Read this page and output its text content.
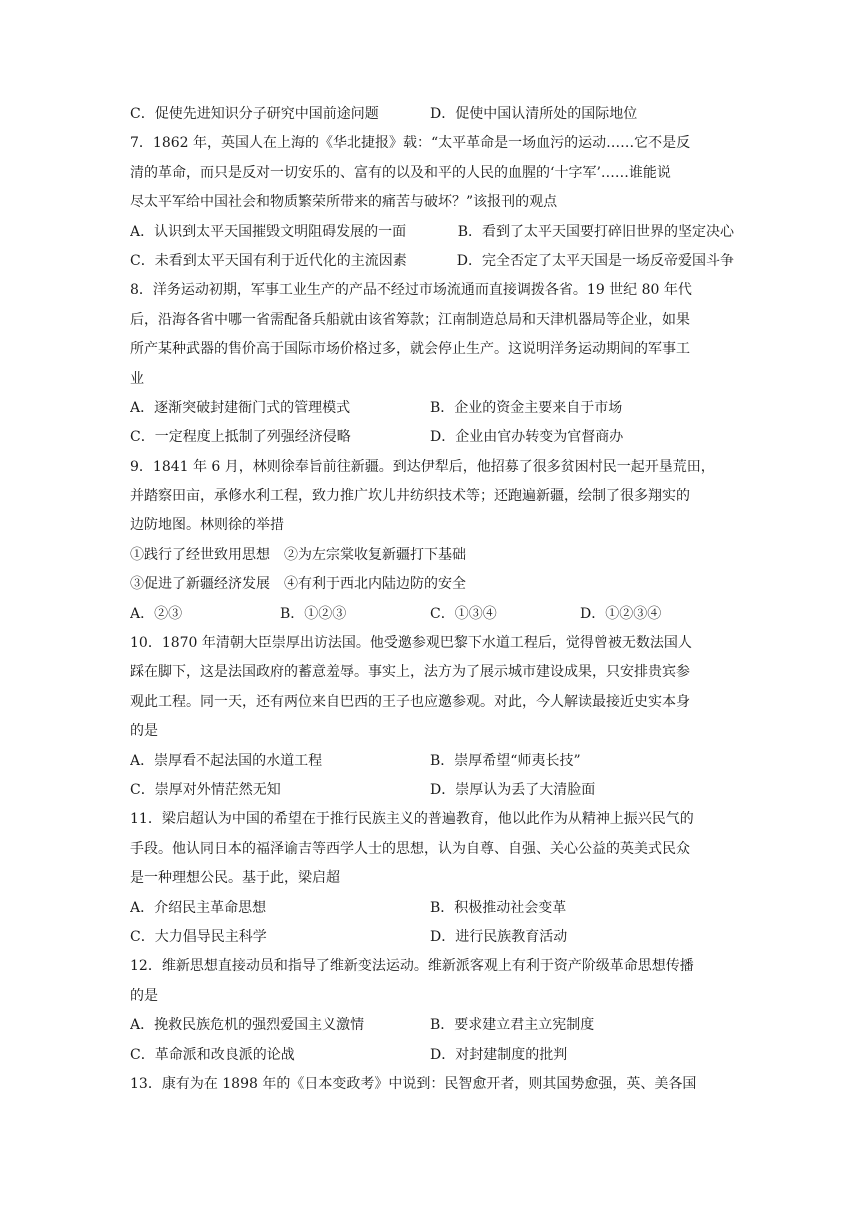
C．促使先进知识分子研究中国前途问题	D．促使中国认清所处的国际地位
7．1862 年，英国人在上海的《华北捷报》载：“太平革命是一场血污的运动……它不是反
清的革命，而只是反对一切安乐的、富有的以及和平的人民的血腥的‘十字军’……谁能说
尽太平军给中国社会和物质繁荣所带来的痛苦与破坏？”该报刊的观点
A．认识到太平天国摧毁文明阻碍发展的一面	B．看到了太平天国要打碎旧世界的坚定决心
C．未看到太平天国有利于近代化的主流因素	D．完全否定了太平天国是一场反帝爱国斗争
8．洋务运动初期，军事工业生产的产品不经过市场流通而直接调拨各省。19 世纪 80 年代
后，沿海各省中哪一省需配备兵船就由该省筹款；江南制造总局和天津机器局等企业，如果
所产某种武器的售价高于国际市场价格过多，就会停止生产。这说明洋务运动期间的军事工
业
A．逐渐突破封建衙门式的管理模式	B．企业的资金主要来自于市场
C．一定程度上抵制了列强经济侵略	D．企业由官办转变为官督商办
9．1841 年 6 月，林则徐奉旨前往新疆。到达伊犁后，他招募了很多贫困村民一起开垦荒田，
并踏察田亩，承修水利工程，致力推广坎儿井纺织技术等；还跑遍新疆，绘制了很多翔实的
边防地图。林则徐的举措
①践行了经世致用思想　②为左宗棠收复新疆打下基础
③促进了新疆经济发展　④有利于西北内陆边防的安全
A．②③	B．①②③	C．①③④	D．①②③④
10．1870 年清朝大臣崇厚出访法国。他受邀参观巴黎下水道工程后，觉得曾被无数法国人
踩在脚下，这是法国政府的蓄意羞辱。事实上，法方为了展示城市建设成果，只安排贵宾参
观此工程。同一天，还有两位来自巴西的王子也应邀参观。对此，今人解读最接近史实本身
的是
A．崇厚看不起法国的水道工程	B．崇厚希望“师夷长技”
C．崇厚对外情茫然无知	D．崇厚认为丢了大清脸面
11．梁启超认为中国的希望在于推行民族主义的普遍教育，他以此作为从精神上振兴民气的
手段。他认同日本的福泽谕吉等西学人士的思想，认为自尊、自强、关心公益的英美式民众
是一种理想公民。基于此，梁启超
A．介绍民主革命思想	B．积极推动社会变革
C．大力倡导民主科学	D．进行民族教育活动
12．维新思想直接动员和指导了维新变法运动。维新派客观上有利于资产阶级革命思想传播
的是
A．挽救民族危机的强烈爱国主义激情	B．要求建立君主立宪制度
C．革命派和改良派的论战	D．对封建制度的批判
13．康有为在 1898 年的《日本变政考》中说到：民智愈开者，则其国势愈强，英、美各国
